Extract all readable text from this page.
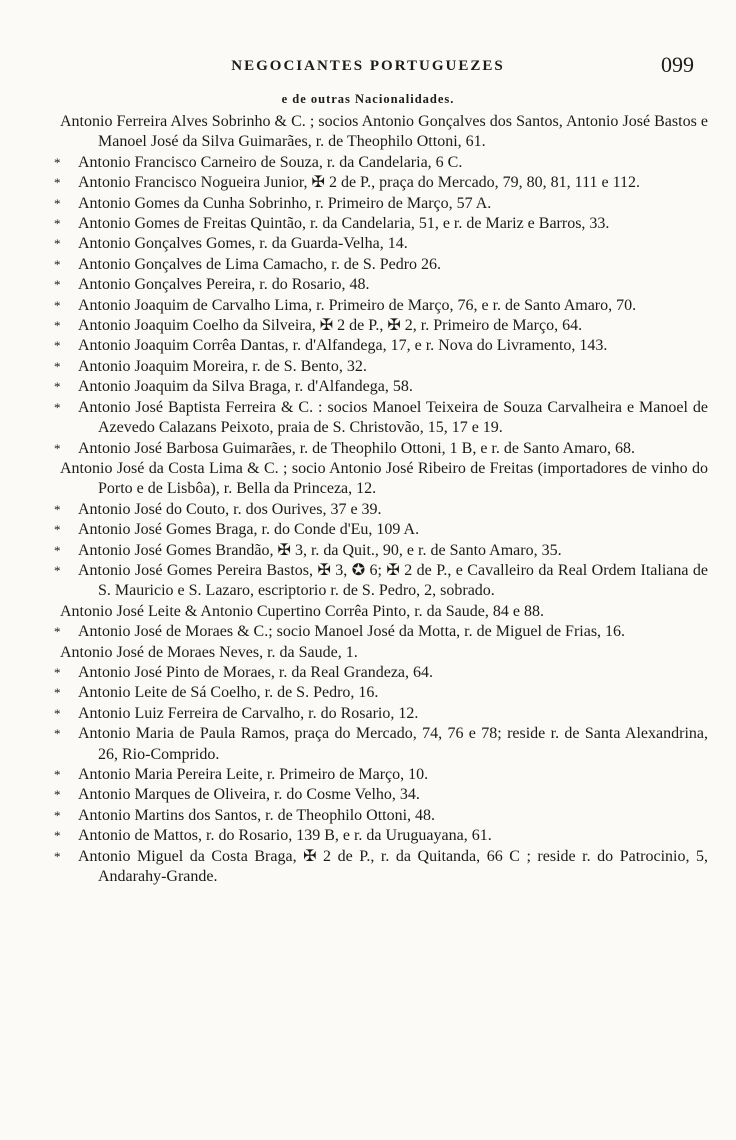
NEGOCIANTES PORTUGUEZES	099
e de outras Nacionalidades.

Antonio Ferreira Alves Sobrinho & C. ; socios Antonio Gonçalves dos Santos, Antonio José Bastos e Manoel José da Silva Guimarães, r. de Theophilo Ottoni, 61.

* Antonio Francisco Carneiro de Souza, r. da Candelaria, 6 C.

* Antonio Francisco Nogueira Junior, ✠ 2 de P., praça do Mercado, 79, 80, 81, 111 e 112.

* Antonio Gomes da Cunha Sobrinho, r. Primeiro de Março, 57 A.

* Antonio Gomes de Freitas Quintão, r. da Candelaria, 51, e r. de Mariz e Barros, 33.

* Antonio Gonçalves Gomes, r. da Guarda-Velha, 14.

* Antonio Gonçalves de Lima Camacho, r. de S. Pedro 26.

* Antonio Gonçalves Pereira, r. do Rosario, 48.

* Antonio Joaquim de Carvalho Lima, r. Primeiro de Março, 76, e r. de Santo Amaro, 70.

* Antonio Joaquim Coelho da Silveira, ✠ 2 de P., ✠ 2, r. Primeiro de Março, 64.

* Antonio Joaquim Corrêa Dantas, r. d'Alfandega, 17, e r. Nova do Livramento, 143.

* Antonio Joaquim Moreira, r. de S. Bento, 32.

* Antonio Joaquim da Silva Braga, r. d'Alfandega, 58.

* Antonio José Baptista Ferreira & C. : socios Manoel Teixeira de Souza Carvalheira e Manoel de Azevedo Calazans Peixoto, praia de S. Christovão, 15, 17 e 19.

* Antonio José Barbosa Guimarães, r. de Theophilo Ottoni, 1 B, e r. de Santo Amaro, 68.

Antonio José da Costa Lima & C. ; socio Antonio José Ribeiro de Freitas (importadores de vinho do Porto e de Lisbôa), r. Bella da Princeza, 12.

* Antonio José do Couto, r. dos Ourives, 37 e 39.

* Antonio José Gomes Braga, r. do Conde d'Eu, 109 A.

* Antonio José Gomes Brandão, ✠ 3, r. da Quit., 90, e r. de Santo Amaro, 35.

* Antonio José Gomes Pereira Bastos, ✠ 3, ✪ 6; ✠ 2 de P., e Cavalleiro da Real Ordem Italiana de S. Mauricio e S. Lazaro, escriptorio r. de S. Pedro, 2, sobrado.

Antonio José Leite & Antonio Cupertino Corrêa Pinto, r. da Saude, 84 e 88.

* Antonio José de Moraes & C.; socio Manoel José da Motta, r. de Miguel de Frias, 16.

Antonio José de Moraes Neves, r. da Saude, 1.

* Antonio José Pinto de Moraes, r. da Real Grandeza, 64.

* Antonio Leite de Sá Coelho, r. de S. Pedro, 16.

* Antonio Luiz Ferreira de Carvalho, r. do Rosario, 12.

* Antonio Maria de Paula Ramos, praça do Mercado, 74, 76 e 78; reside r. de Santa Alexandrina, 26, Rio-Comprido.

* Antonio Maria Pereira Leite, r. Primeiro de Março, 10.

* Antonio Marques de Oliveira, r. do Cosme Velho, 34.

* Antonio Martins dos Santos, r. de Theophilo Ottoni, 48.

* Antonio de Mattos, r. do Rosario, 139 B, e r. da Uruguayana, 61.

* Antonio Miguel da Costa Braga, ✠ 2 de P., r. da Quitanda, 66 C ; reside r. do Patrocinio, 5, Andarahy-Grande.
